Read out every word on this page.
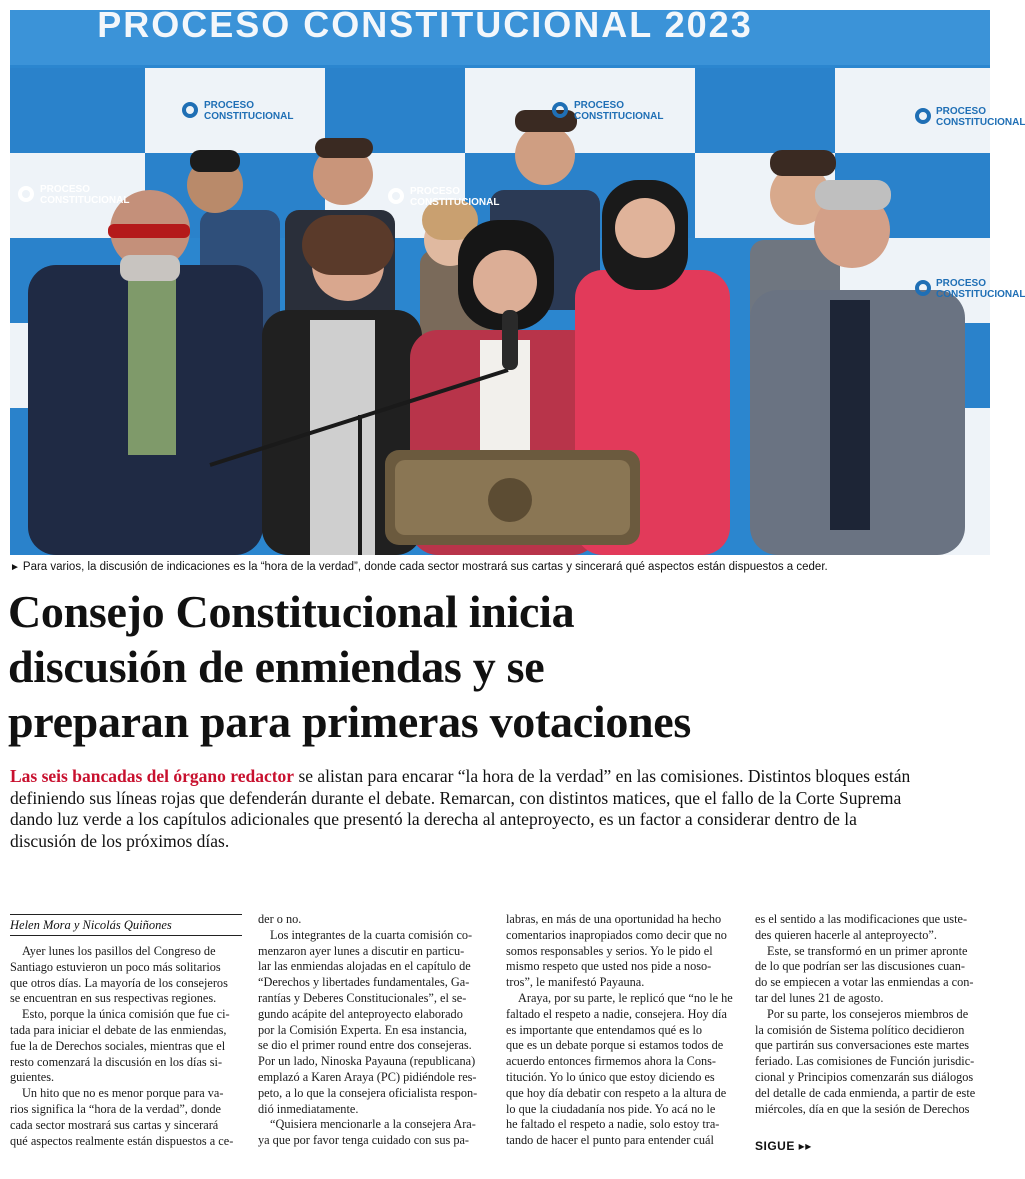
PROCESO CONSTITUCIONAL 2023
PROCESO
CONSTITUCIONAL
PROCESO
CONSTITUCIONAL	PROCESO
CONSTITUCIONAL
PROCESO
CONSTITUCIONAL
PROCESO
CONSTITUCIONAL
PROCESO
CONSTITUCIONAL
► Para varios, la discusión de indicaciones es la “hora de la verdad”, donde cada sector mostrará sus cartas y sincerará qué aspectos están dispuestos a ceder.
Consejo Constitucional inicia
discusión de enmiendas y se
preparan para primeras votaciones
Las seis bancadas del órgano redactor se alistan para encarar “la hora de la verdad” en las comisiones. Distintos bloques están
definiendo sus líneas rojas que defenderán durante el debate. Remarcan, con distintos matices, que el fallo de la Corte Suprema
dando luz verde a los capítulos adicionales que presentó la derecha al anteproyecto, es un factor a considerar dentro de la
discusión de los próximos días.
Helen Mora y Nicolás Quiñones
Ayer lunes los pasillos del Congreso de
Santiago estuvieron un poco más solitarios
que otros días. La mayoría de los consejeros
se encuentran en sus respectivas regiones.
Esto, porque la única comisión que fue ci-
tada para iniciar el debate de las enmiendas,
fue la de Derechos sociales, mientras que el
resto comenzará la discusión en los días si-
guientes.
Un hito que no es menor porque para va-
rios significa la “hora de la verdad”, donde
cada sector mostrará sus cartas y sincerará
qué aspectos realmente están dispuestos a ce-
der o no.
Los integrantes de la cuarta comisión co-
menzaron ayer lunes a discutir en particu-
lar las enmiendas alojadas en el capítulo de
“Derechos y libertades fundamentales, Ga-
rantías y Deberes Constitucionales”, el se-
gundo acápite del anteproyecto elaborado
por la Comisión Experta. En esa instancia,
se dio el primer round entre dos consejeras.
Por un lado, Ninoska Payauna (republicana)
emplazó a Karen Araya (PC) pidiéndole res-
peto, a lo que la consejera oficialista respon-
dió inmediatamente.
“Quisiera mencionarle a la consejera Ara-
ya que por favor tenga cuidado con sus pa-
labras, en más de una oportunidad ha hecho
comentarios inapropiados como decir que no
somos responsables y serios. Yo le pido el
mismo respeto que usted nos pide a noso-
tros”, le manifestó Payauna.
Araya, por su parte, le replicó que “no le he
faltado el respeto a nadie, consejera. Hoy día
es importante que entendamos qué es lo
que es un debate porque si estamos todos de
acuerdo entonces firmemos ahora la Cons-
titución. Yo lo único que estoy diciendo es
que hoy día debatir con respeto a la altura de
lo que la ciudadanía nos pide. Yo acá no le
he faltado el respeto a nadie, solo estoy tra-
tando de hacer el punto para entender cuál
es el sentido a las modificaciones que uste-
des quieren hacerle al anteproyecto”.
Este, se transformó en un primer apronte
de lo que podrían ser las discusiones cuan-
do se empiecen a votar las enmiendas a con-
tar del lunes 21 de agosto.
Por su parte, los consejeros miembros de
la comisión de Sistema político decidieron
que partirán sus conversaciones este martes
feriado. Las comisiones de Función jurisdic-
cional y Principios comenzarán sus diálogos
del detalle de cada enmienda, a partir de este
miércoles, día en que la sesión de Derechos
SIGUE ▸▸
